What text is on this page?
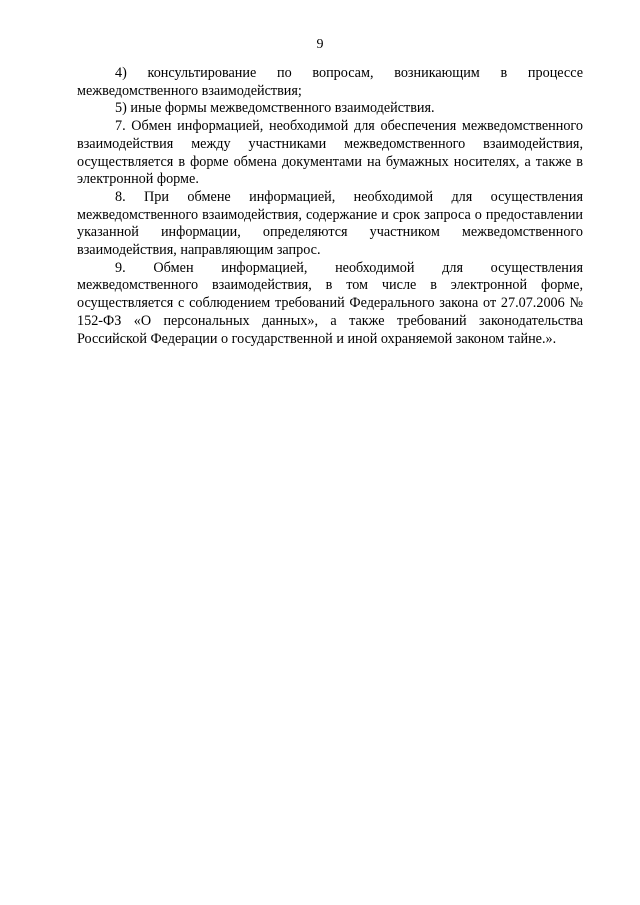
9

4) консультирование по вопросам, возникающим в процессе межведомственного взаимодействия;

5) иные формы межведомственного взаимодействия.

7. Обмен информацией, необходимой для обеспечения межведомственного взаимодействия между участниками межведомственного взаимодействия, осуществляется в форме обмена документами на бумажных носителях, а также в электронной форме.

8. При обмене информацией, необходимой для осуществления межведомственного взаимодействия, содержание и срок запроса о предоставлении указанной информации, определяются участником межведомственного взаимодействия, направляющим запрос.

9. Обмен информацией, необходимой для осуществления межведомственного взаимодействия, в том числе в электронной форме, осуществляется с соблюдением требований Федерального закона от 27.07.2006 № 152-ФЗ «О персональных данных», а также требований законодательства Российской Федерации о государственной и иной охраняемой законом тайне.».
